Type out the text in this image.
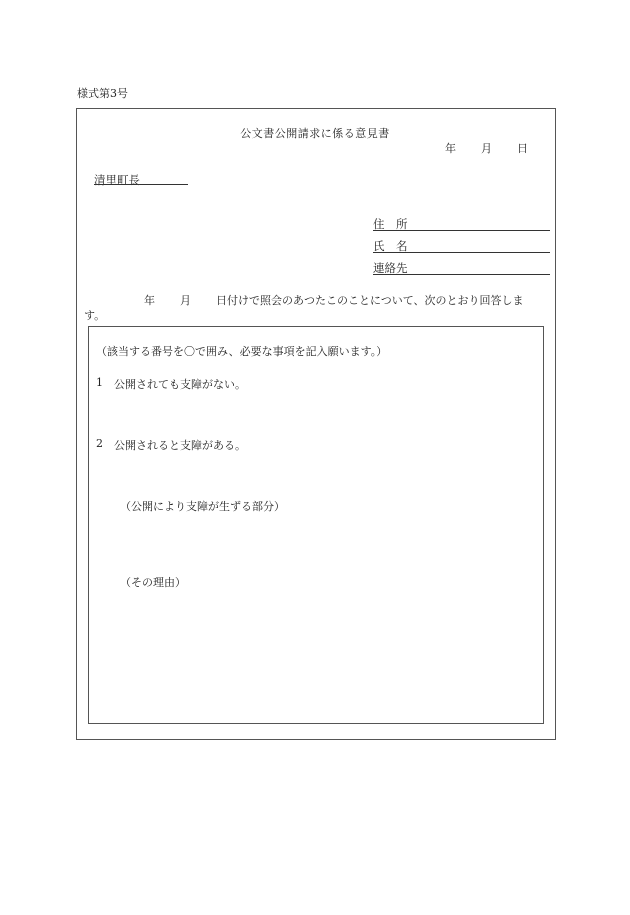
様式第3号
公文書公開請求に係る意見書
年 月 日
清里町長
住　所
氏　名
連絡先
年 月 日付けで照会のあつたこのことについて、次のとおり回答しま
す。
（該当する番号を〇で囲み、必要な事項を記入願います。）
1 公開されても支障がない。
2 公開されると支障がある。
（公開により支障が生ずる部分）
（その理由）
